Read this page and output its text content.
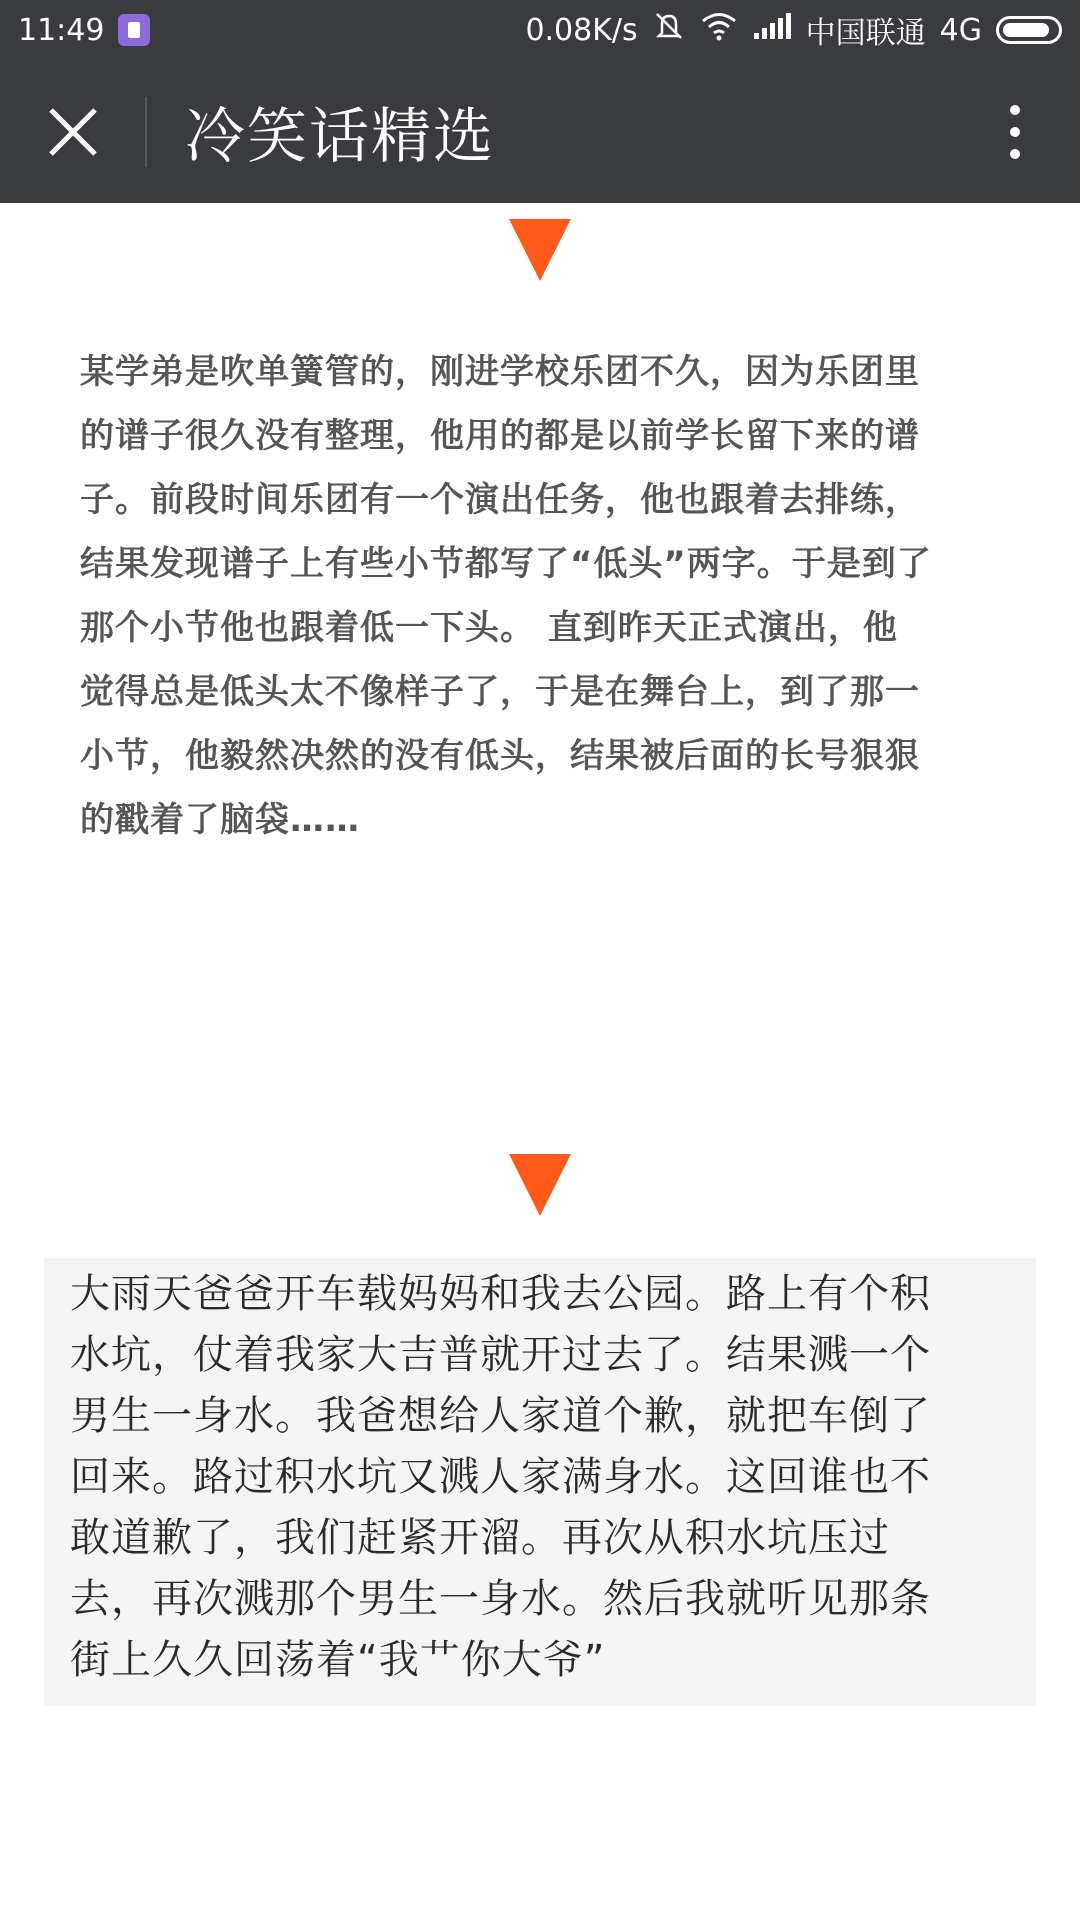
11:49	0.08K/s	中国联通 4G
冷笑话精选
某学弟是吹单簧管的，刚进学校乐团不久，因为乐团里
的谱子很久没有整理，他用的都是以前学长留下来的谱
子。前段时间乐团有一个演出任务，他也跟着去排练，
结果发现谱子上有些小节都写了“低头”两字。于是到了
那个小节他也跟着低一下头。 直到昨天正式演出，他
觉得总是低头太不像样子了，于是在舞台上，到了那一
小节，他毅然决然的没有低头，结果被后面的长号狠狠
的戳着了脑袋……
大雨天爸爸开车载妈妈和我去公园。路上有个积
水坑，仗着我家大吉普就开过去了。结果溅一个
男生一身水。我爸想给人家道个歉，就把车倒了
回来。路过积水坑又溅人家满身水。这回谁也不
敢道歉了，我们赶紧开溜。再次从积水坑压过
去，再次溅那个男生一身水。然后我就听见那条
街上久久回荡着“我艹你大爷”
